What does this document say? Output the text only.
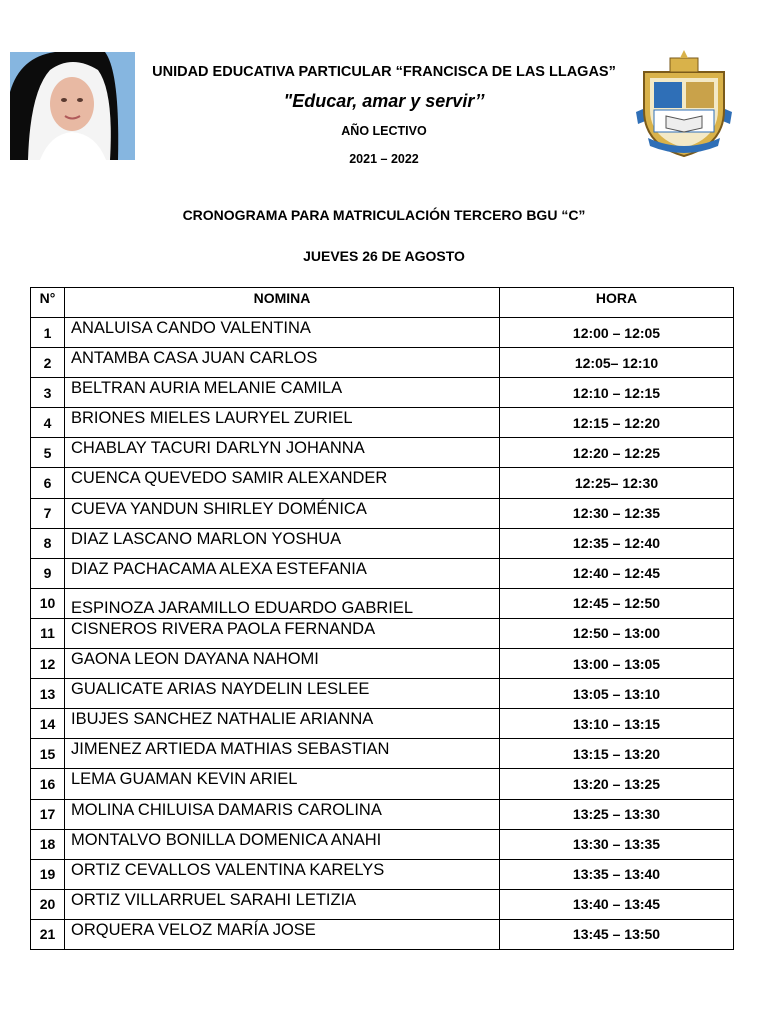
UNIDAD EDUCATIVA PARTICULAR “FRANCISCA DE LAS LLAGAS”
"Educar, amar y servir’’
AÑO LECTIVO
2021 – 2022
CRONOGRAMA PARA MATRICULACIÓN TERCERO BGU “C”
JUEVES 26 DE AGOSTO
N°	NOMINA	HORA
1	ANALUISA CANDO VALENTINA	12:00 – 12:05
2	ANTAMBA CASA JUAN CARLOS	12:05– 12:10
3	BELTRAN AURIA MELANIE CAMILA	12:10 – 12:15
4	BRIONES MIELES LAURYEL ZURIEL	12:15 – 12:20
5	CHABLAY TACURI DARLYN JOHANNA	12:20 – 12:25
6	CUENCA QUEVEDO SAMIR ALEXANDER	12:25– 12:30
7	CUEVA YANDUN SHIRLEY DOMÉNICA	12:30 – 12:35
8	DIAZ LASCANO MARLON YOSHUA	12:35 – 12:40
9	DIAZ PACHACAMA ALEXA ESTEFANIA	12:40 – 12:45
10	ESPINOZA JARAMILLO EDUARDO GABRIEL	12:45 – 12:50
11	CISNEROS RIVERA PAOLA FERNANDA	12:50 – 13:00
12	GAONA LEON DAYANA NAHOMI	13:00 – 13:05
13	GUALICATE ARIAS NAYDELIN LESLEE	13:05 – 13:10
14	IBUJES SANCHEZ NATHALIE ARIANNA	13:10 – 13:15
15	JIMENEZ ARTIEDA MATHIAS SEBASTIAN	13:15 – 13:20
16	LEMA GUAMAN KEVIN ARIEL	13:20 – 13:25
17	MOLINA CHILUISA DAMARIS CAROLINA	13:25 – 13:30
18	MONTALVO BONILLA DOMENICA ANAHI	13:30 – 13:35
19	ORTIZ CEVALLOS VALENTINA KARELYS	13:35 – 13:40
20	ORTIZ VILLARRUEL SARAHI LETIZIA	13:40 – 13:45
21	ORQUERA VELOZ MARÍA JOSE	13:45 – 13:50
